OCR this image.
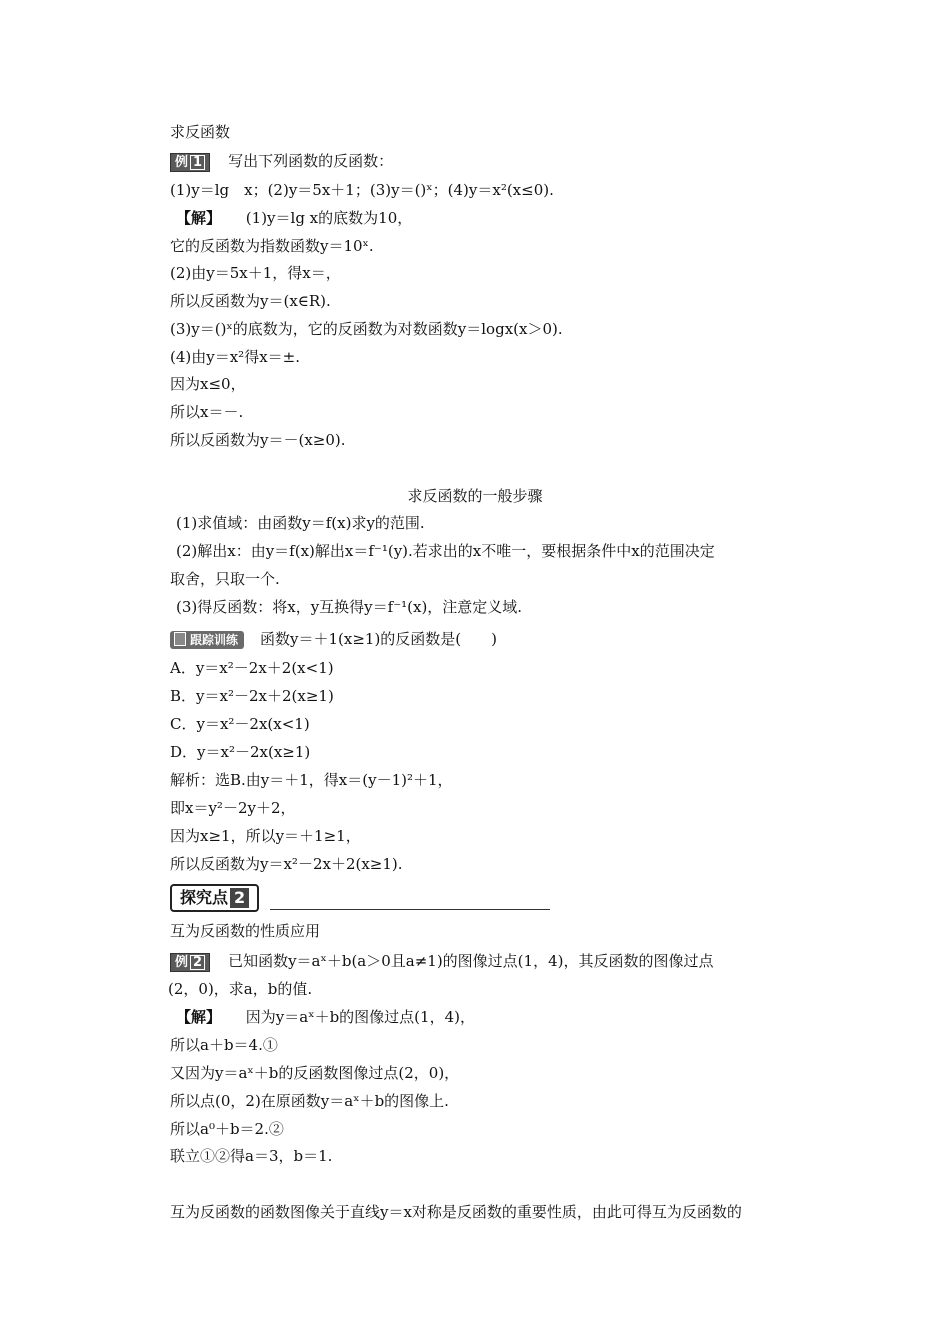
求反函数
例 1 写出下列函数的反函数：
(1)y＝lg　x；(2)y＝5x＋1；(3)y＝()ˣ；(4)y＝x²(x≤0).
【解】 (1)y＝lg x的底数为10，
它的反函数为指数函数y＝10ˣ.
(2)由y＝5x＋1，得x＝，
所以反函数为y＝(x∈R).
(3)y＝()ˣ的底数为，它的反函数为对数函数y＝logx(x＞0).
(4)由y＝x²得x＝±.
因为x≤0，
所以x＝－.
所以反函数为y＝－(x≥0).
求反函数的一般步骤
(1)求值域：由函数y＝f(x)求y的范围.
(2)解出x：由y＝f(x)解出x＝f⁻¹(y).若求出的x不唯一，要根据条件中x的范围决定
取舍，只取一个.
(3)得反函数：将x，y互换得y＝f⁻¹(x)，注意定义域.
跟踪训练 函数y＝＋1(x≥1)的反函数是(　　)
A．y＝x²－2x＋2(x<1)
B．y＝x²－2x＋2(x≥1)
C．y＝x²－2x(x<1)
D．y＝x²－2x(x≥1)
解析：选B.由y＝＋1，得x＝(y－1)²＋1，
即x＝y²－2y＋2，
因为x≥1，所以y＝＋1≥1，
所以反函数为y＝x²－2x＋2(x≥1).
探究点 2
互为反函数的性质应用
例 2 已知函数y＝aˣ＋b(a＞0且a≠1)的图像过点(1，4)，其反函数的图像过点
(2，0)，求a，b的值.
【解】 因为y＝aˣ＋b的图像过点(1，4)，
所以a＋b＝4.①
又因为y＝aˣ＋b的反函数图像过点(2，0)，
所以点(0，2)在原函数y＝aˣ＋b的图像上.
所以a⁰＋b＝2.②
联立①②得a＝3，b＝1.
互为反函数的函数图像关于直线y＝x对称是反函数的重要性质，由此可得互为反函数的
